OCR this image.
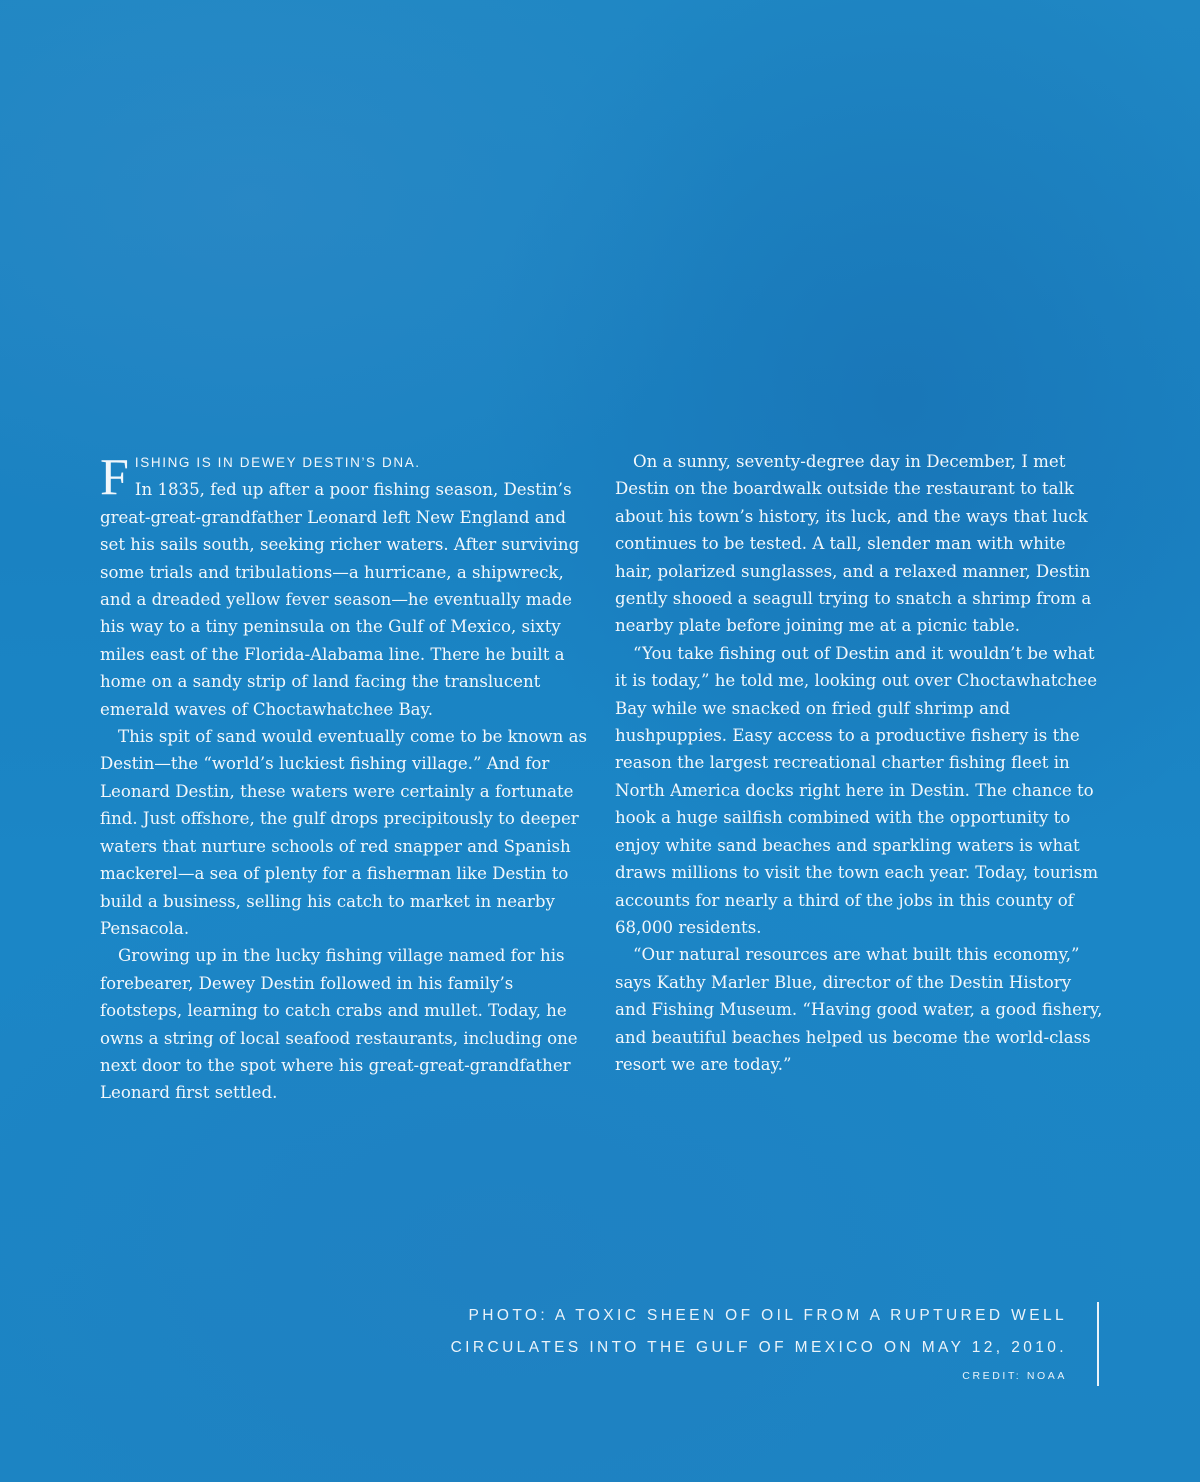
F ISHING IS IN DEWEY DESTIN’S DNA.
In 1835, fed up after a poor fishing season, Destin’s great-great-grandfather Leonard left New England and set his sails south, seeking richer waters. After surviving some trials and tribulations—a hurricane, a shipwreck, and a dreaded yellow fever season—he eventually made his way to a tiny peninsula on the Gulf of Mexico, sixty miles east of the Florida-Alabama line. There he built a home on a sandy strip of land facing the translucent emerald waves of Choctawhatchee Bay.

This spit of sand would eventually come to be known as Destin—the “world’s luckiest fishing village.” And for Leonard Destin, these waters were certainly a fortunate find. Just offshore, the gulf drops precipitously to deeper waters that nurture schools of red snapper and Spanish mackerel—a sea of plenty for a fisherman like Destin to build a business, selling his catch to market in nearby Pensacola.

Growing up in the lucky fishing village named for his forebearer, Dewey Destin followed in his family’s footsteps, learning to catch crabs and mullet. Today, he owns a string of local seafood restaurants, including one next door to the spot where his great-great-grandfather Leonard first settled.

On a sunny, seventy-degree day in December, I met Destin on the boardwalk outside the restaurant to talk about his town’s history, its luck, and the ways that luck continues to be tested. A tall, slender man with white hair, polarized sunglasses, and a relaxed manner, Destin gently shooed a seagull trying to snatch a shrimp from a nearby plate before joining me at a picnic table.

“You take fishing out of Destin and it wouldn’t be what it is today,” he told me, looking out over Choctawhatchee Bay while we snacked on fried gulf shrimp and hushpuppies. Easy access to a productive fishery is the reason the largest recreational charter fishing fleet in North America docks right here in Destin. The chance to hook a huge sailfish combined with the opportunity to enjoy white sand beaches and sparkling waters is what draws millions to visit the town each year. Today, tourism accounts for nearly a third of the jobs in this county of 68,000 residents.

“Our natural resources are what built this economy,” says Kathy Marler Blue, director of the Destin History and Fishing Museum. “Having good water, a good fishery, and beautiful beaches helped us become the world-class resort we are today.”

PHOTO: A TOXIC SHEEN OF OIL FROM A RUPTURED WELL
CIRCULATES INTO THE GULF OF MEXICO ON MAY 12, 2010.
CREDIT: NOAA
